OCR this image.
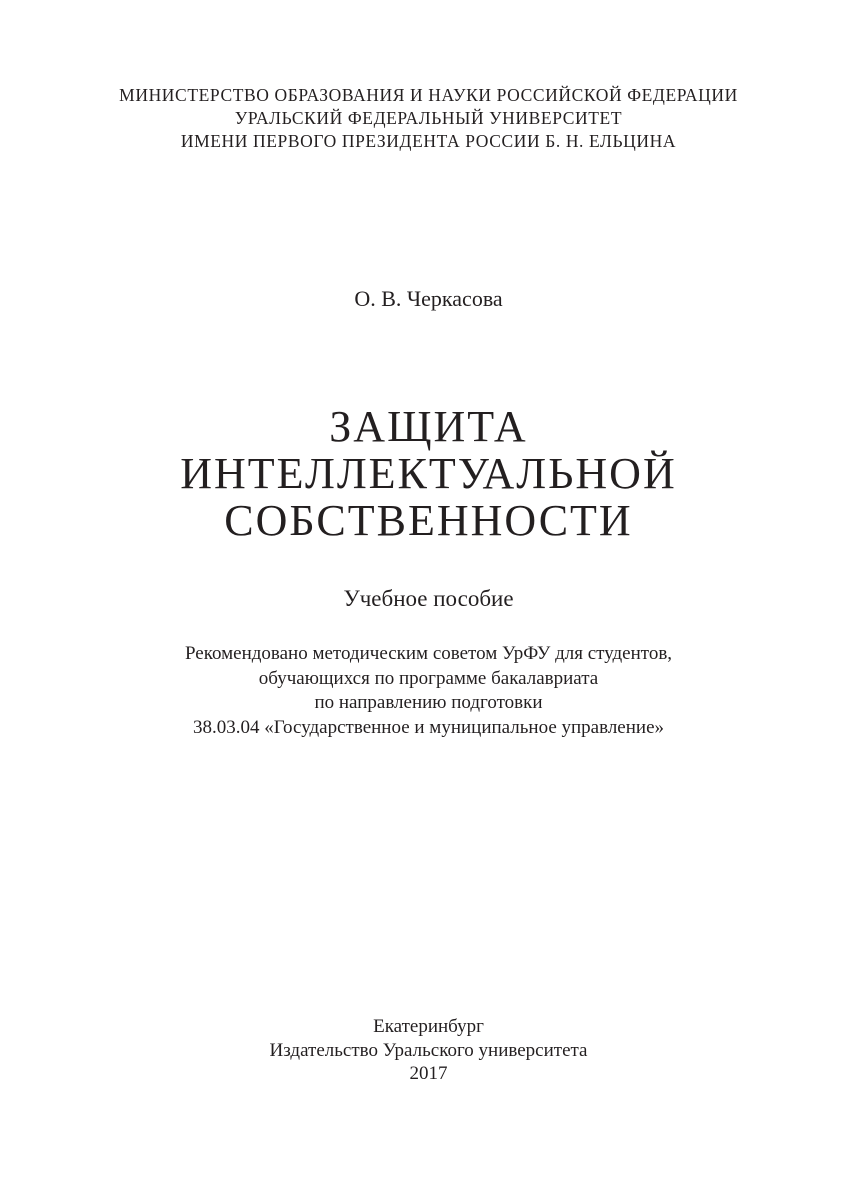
МИНИСТЕРСТВО ОБРАЗОВАНИЯ И НАУКИ РОССИЙСКОЙ ФЕДЕРАЦИИ
УРАЛЬСКИЙ ФЕДЕРАЛЬНЫЙ УНИВЕРСИТЕТ
ИМЕНИ ПЕРВОГО ПРЕЗИДЕНТА РОССИИ Б. Н. ЕЛЬЦИНА
О. В. Черкасова
ЗАЩИТА
ИНТЕЛЛЕКТУАЛЬНОЙ
СОБСТВЕННОСТИ
Учебное пособие
Рекомендовано методическим советом УрФУ для студентов,
обучающихся по программе бакалавриата
по направлению подготовки
38.03.04 «Государственное и муниципальное управление»
Екатеринбург
Издательство Уральского университета
2017
